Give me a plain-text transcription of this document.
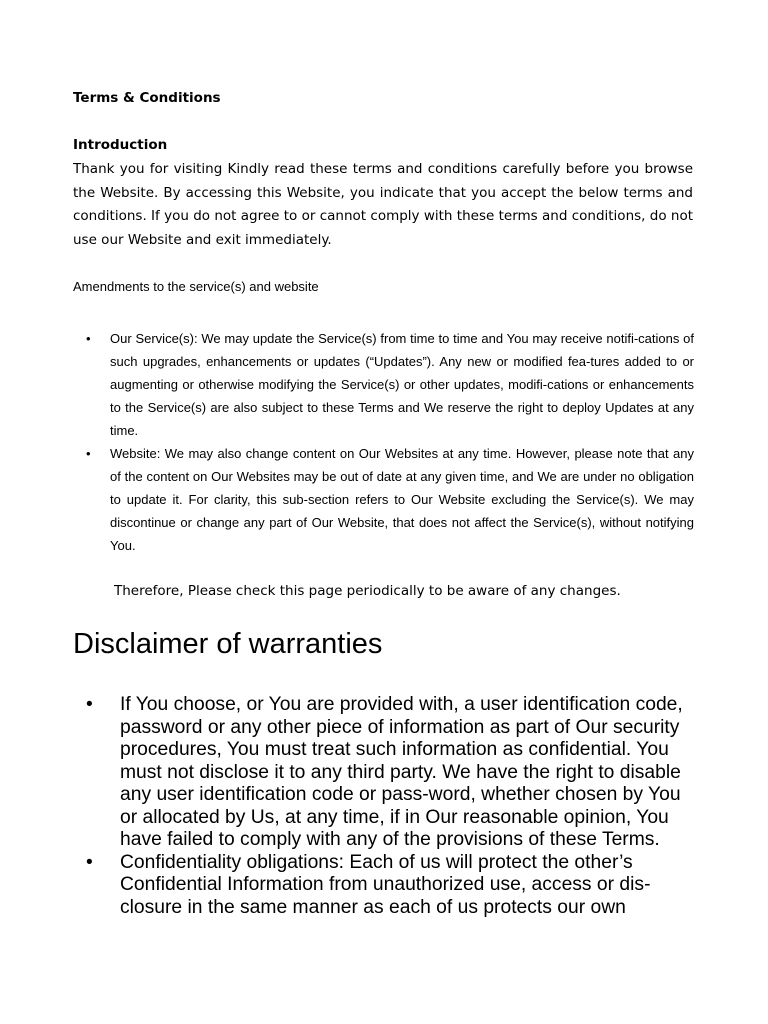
Terms & Conditions
Introduction

Thank you for visiting Kindly read these terms and conditions carefully before you browse the Website. By accessing this Website, you indicate that you accept the below terms and conditions. If you do not agree to or cannot comply with these terms and conditions, do not use our Website and exit immediately.

Amendments to the service(s) and website

• Our Service(s): We may update the Service(s) from time to time and You may receive notifi-cations of such upgrades, enhancements or updates (“Updates”). Any new or modified fea-tures added to or augmenting or otherwise modifying the Service(s) or other updates, modifi-cations or enhancements to the Service(s) are also subject to these Terms and We reserve the right to deploy Updates at any time.
• Website: We may also change content on Our Websites at any time. However, please note that any of the content on Our Websites may be out of date at any given time, and We are under no obligation to update it. For clarity, this sub-section refers to Our Website excluding the Service(s). We may discontinue or change any part of Our Website, that does not affect the Service(s), without notifying You.

Therefore, Please check this page periodically to be aware of any changes.

Disclaimer of warranties
• If You choose, or You are provided with, a user identification code, password or any other piece of information as part of Our security procedures, You must treat such information as confidential. You must not disclose it to any third party. We have the right to disable any user identification code or pass-word, whether chosen by You or allocated by Us, at any time, if in Our reasonable opinion, You have failed to comply with any of the provisions of these Terms.
• Confidentiality obligations: Each of us will protect the other’s Confidential Information from unauthorized use, access or dis-closure in the same manner as each of us protects our own
